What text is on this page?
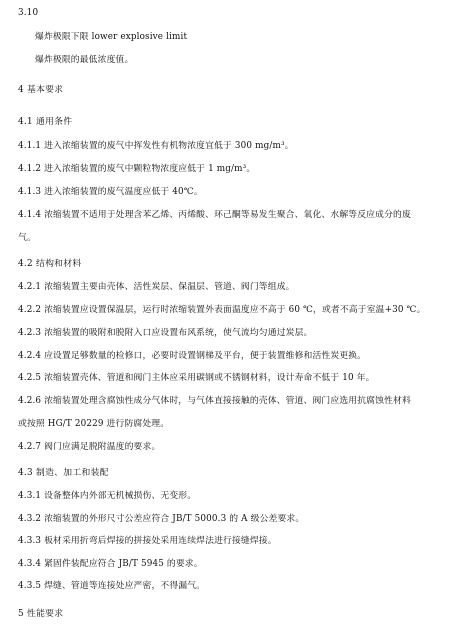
3.10
爆炸极限下限 lower explosive limit
爆炸极限的最低浓度值。
4 基本要求
4.1 通用条件
4.1.1 进入浓缩装置的废气中挥发性有机物浓度宜低于 300 mg/m³。
4.1.2 进入浓缩装置的废气中颗粒物浓度应低于 1 mg/m³。
4.1.3 进入浓缩装置的废气温度应低于 40℃。
4.1.4 浓缩装置不适用于处理含苯乙烯、丙烯酸、环己酮等易发生聚合、氧化、水解等反应成分的废
气。
4.2 结构和材料
4.2.1 浓缩装置主要由壳体、活性炭层、保温层、管道、阀门等组成。
4.2.2 浓缩装置应设置保温层，运行时浓缩装置外表面温度应不高于 60 ℃，或者不高于室温+30 ℃。
4.2.3 浓缩装置的吸附和脱附入口应设置布风系统，使气流均匀通过炭层。
4.2.4 应设置足够数量的检修口，必要时设置钢梯及平台，便于装置维修和活性炭更换。
4.2.5 浓缩装置壳体、管道和阀门主体应采用碳钢或不锈钢材料，设计寿命不低于 10 年。
4.2.6 浓缩装置处理含腐蚀性成分气体时，与气体直接接触的壳体、管道、阀门应选用抗腐蚀性材料
或按照 HG/T 20229 进行防腐处理。
4.2.7 阀门应满足脱附温度的要求。
4.3 制造、加工和装配
4.3.1 设备整体内外部无机械损伤、无变形。
4.3.2 浓缩装置的外形尺寸公差应符合 JB/T 5000.3 的 A 级公差要求。
4.3.3 板材采用折弯后焊接的拼接处采用连续焊法进行接缝焊接。
4.3.4 紧固件装配应符合 JB/T 5945 的要求。
4.3.5 焊缝、管道等连接处应严密，不得漏气。
5 性能要求
